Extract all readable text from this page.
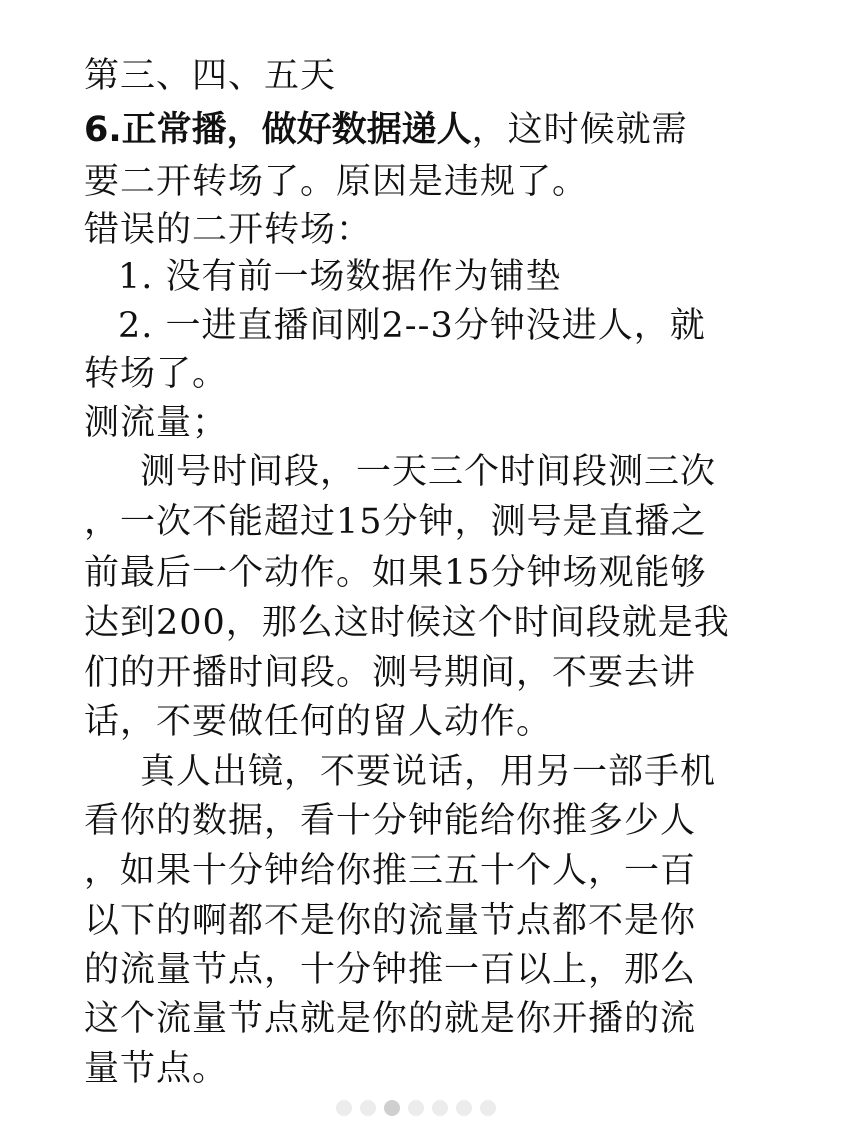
第三、四、五天
6.正常播，做好数据递人，这时候就需
要二开转场了。原因是违规了。
错误的二开转场：
1. 没有前一场数据作为铺垫
2. 一进直播间刚2--3分钟没进人，就
转场了。
测流量；
测号时间段，一天三个时间段测三次
，一次不能超过15分钟，测号是直播之
前最后一个动作。如果15分钟场观能够
达到200，那么这时候这个时间段就是我
们的开播时间段。测号期间，不要去讲
话，不要做任何的留人动作。
真人出镜，不要说话，用另一部手机
看你的数据，看十分钟能给你推多少人
，如果十分钟给你推三五十个人，一百
以下的啊都不是你的流量节点都不是你
的流量节点，十分钟推一百以上，那么
这个流量节点就是你的就是你开播的流
量节点。
